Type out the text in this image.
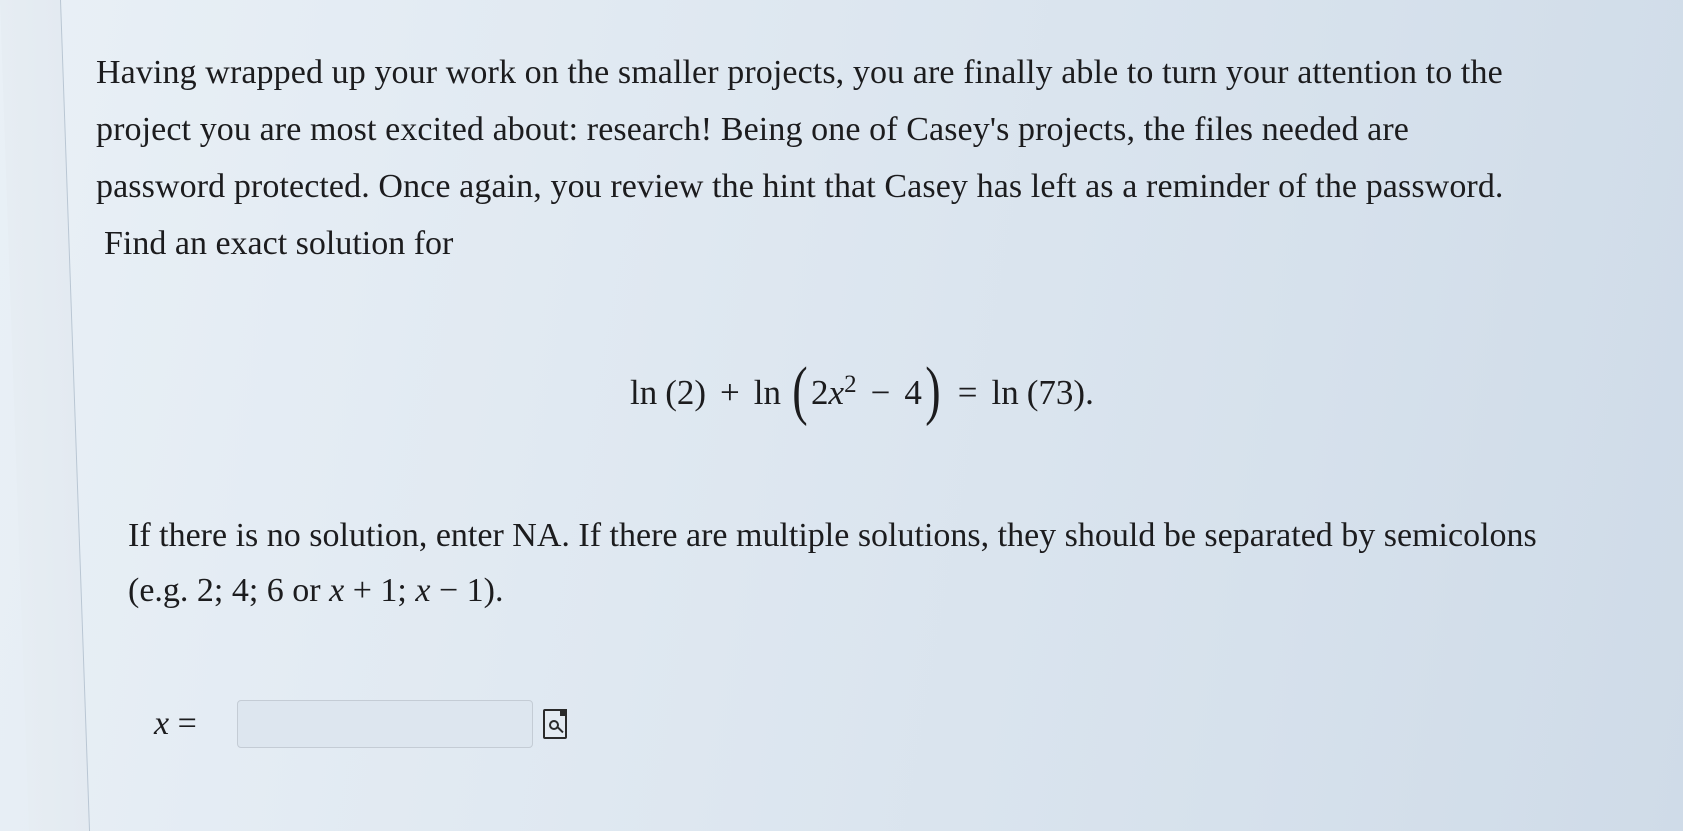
Having wrapped up your work on the smaller projects, you are finally able to turn your attention to the
project you are most excited about: research! Being one of Casey's projects, the files needed are
password protected. Once again, you review the hint that Casey has left as a reminder of the password.

Find an exact solution for

ln (2) + ln ( 2 $x^2 - 4$ ) = ln (73) .

If there is no solution, enter NA. If there are multiple solutions, they should be separated by semicolons
(e.g. 2; 4; 6 or x + 1; x − 1).

x =
